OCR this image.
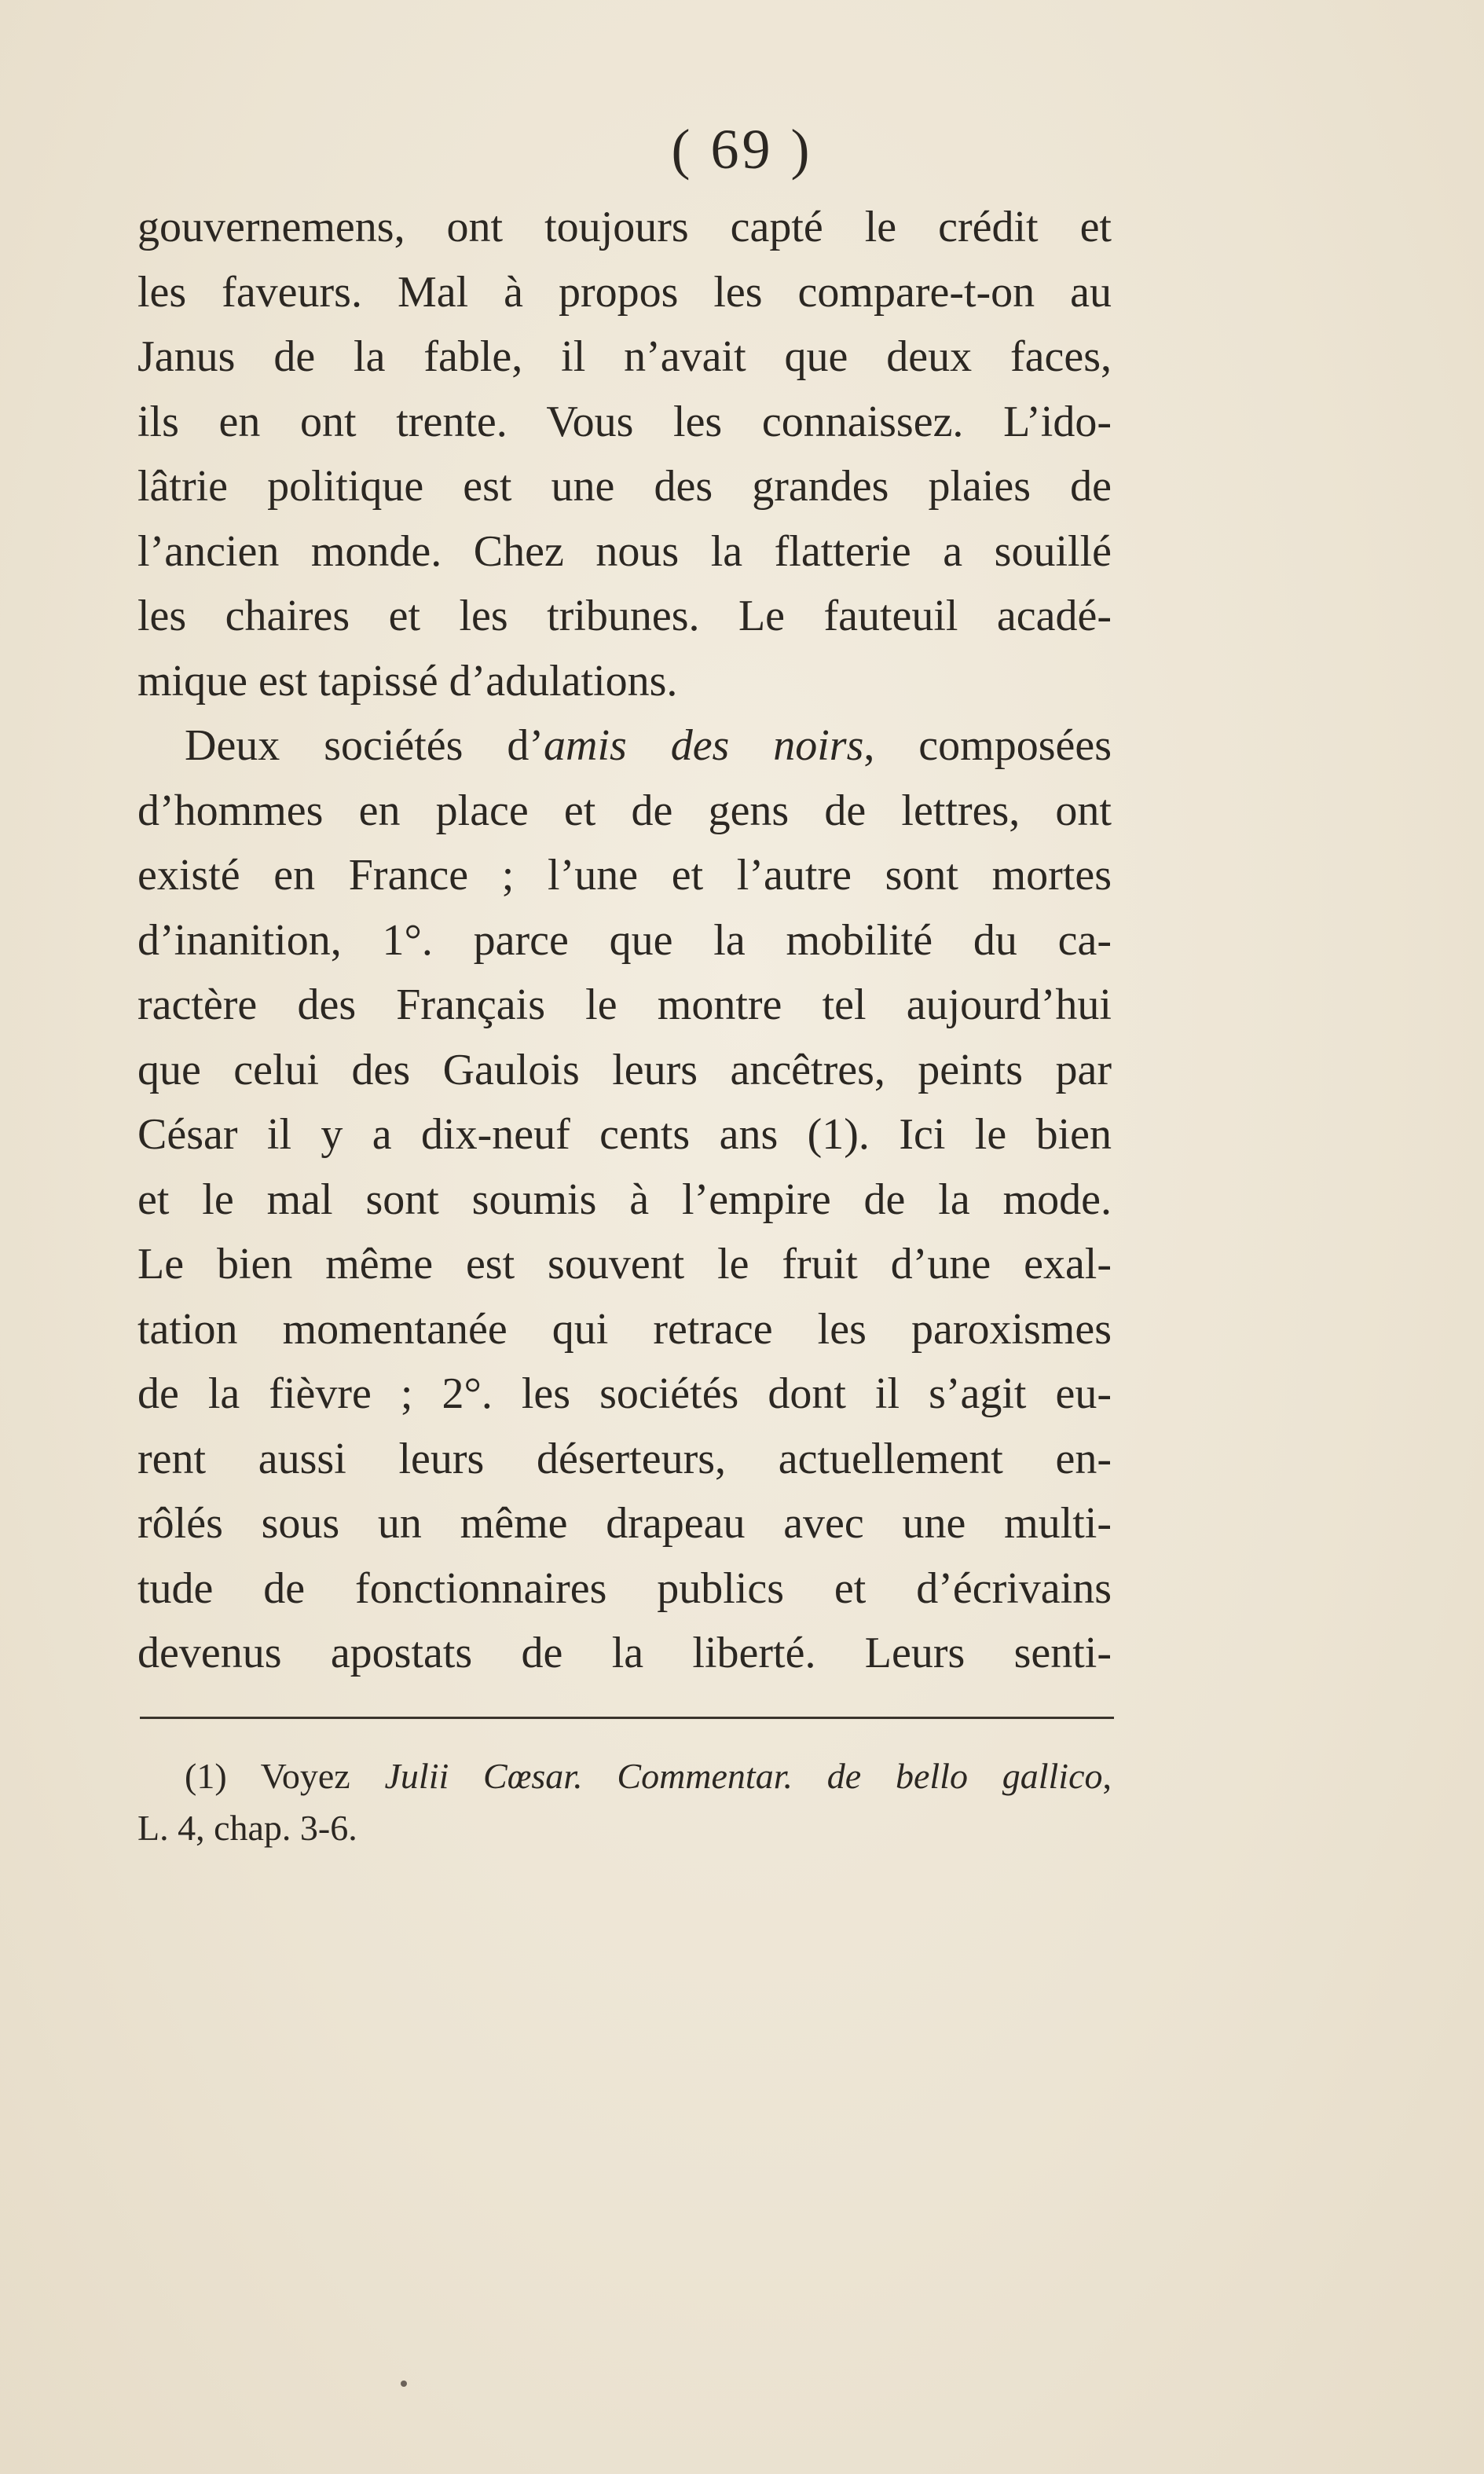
( 69 )
gouvernemens, ont toujours capté le crédit et
les faveurs. Mal à propos les compare-t-on au
Janus de la fable, il n’avait que deux faces,
ils en ont trente. Vous les connaissez. L’ido-
lâtrie politique est une des grandes plaies de
l’ancien monde. Chez nous la flatterie a souillé
les chaires et les tribunes. Le fauteuil acadé-
mique est tapissé d’adulations.
Deux sociétés d’amis des noirs, composées
d’hommes en place et de gens de lettres, ont
existé en France ; l’une et l’autre sont mortes
d’inanition, 1°. parce que la mobilité du ca-
ractère des Français le montre tel aujourd’hui
que celui des Gaulois leurs ancêtres, peints par
César il y a dix-neuf cents ans (1). Ici le bien
et le mal sont soumis à l’empire de la mode.
Le bien même est souvent le fruit d’une exal-
tation momentanée qui retrace les paroxismes
de la fièvre ; 2°. les sociétés dont il s’agit eu-
rent aussi leurs déserteurs, actuellement en-
rôlés sous un même drapeau avec une multi-
tude de fonctionnaires publics et d’écrivains
devenus apostats de la liberté. Leurs senti-
(1) Voyez Julii Cœsar. Commentar. de bello gallico,
L. 4, chap. 3-6.
